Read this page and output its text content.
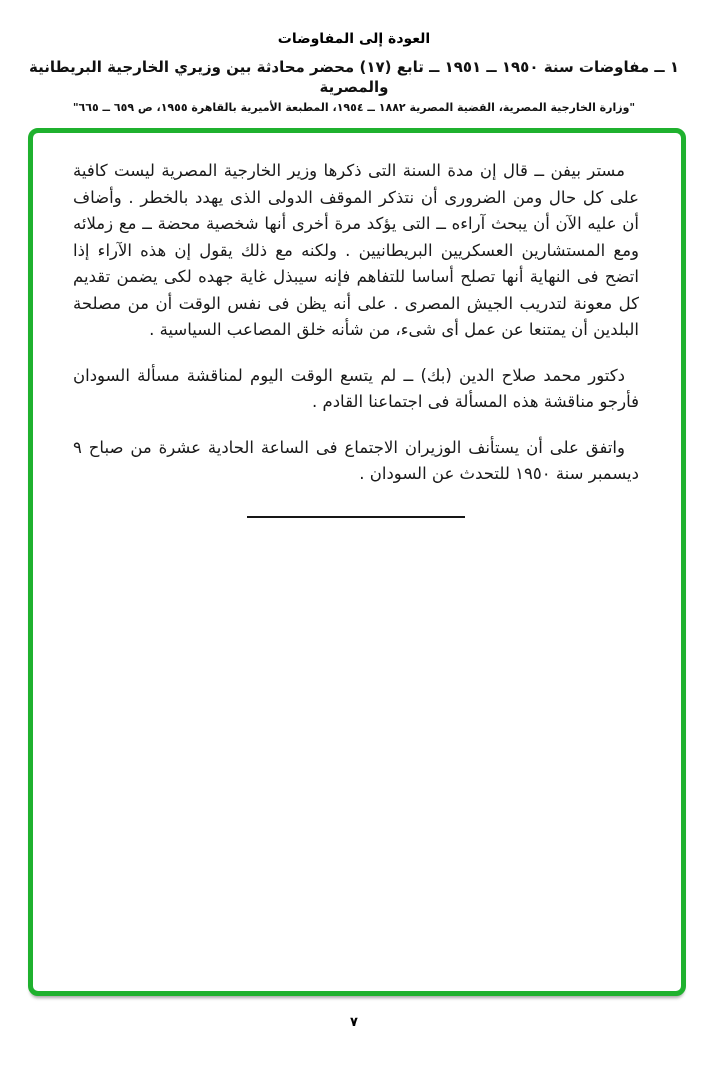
العودة إلى المفاوضات
١ ــ مفاوضات سنة ١٩٥٠ ــ ١٩٥١ ــ تابع (١٧) محضر محادثة بين وزيري الخارجية البريطانية والمصرية
"وزارة الخارجية المصرية، القضية المصرية ١٨٨٢ ــ ١٩٥٤، المطبعة الأميرية بالقاهرة ١٩٥٥، ص ٦٥٩ ــ ٦٦٥"

مستر بيفن ــ قال إن مدة السنة التى ذكرها وزير الخارجية المصرية ليست كافية على كل حال ومن الضرورى أن نتذكر الموقف الدولى الذى يهدد بالخطر . وأضاف أن عليه الآن أن يبحث آراءه ــ التى يؤكد مرة أخرى أنها شخصية محضة ــ مع زملائه ومع المستشارين العسكريين البريطانيين . ولكنه مع ذلك يقول إن هذه الآراء إذا اتضح فى النهاية أنها تصلح أساسا للتفاهم فإنه سيبذل غاية جهده لكى يضمن تقديم كل معونة لتدريب الجيش المصرى . على أنه يظن فى نفس الوقت أن من مصلحة البلدين أن يمتنعا عن عمل أى شىء، من شأنه خلق المصاعب السياسية .

دكتور محمد صلاح الدين (بك) ــ لم يتسع الوقت اليوم لمناقشة مسألة السودان فأرجو مناقشة هذه المسألة فى اجتماعنا القادم .

واتفق على أن يستأنف الوزيران الاجتماع فى الساعة الحادية عشرة من صباح ٩ ديسمبر سنة ١٩٥٠ للتحدث عن السودان .

٧
